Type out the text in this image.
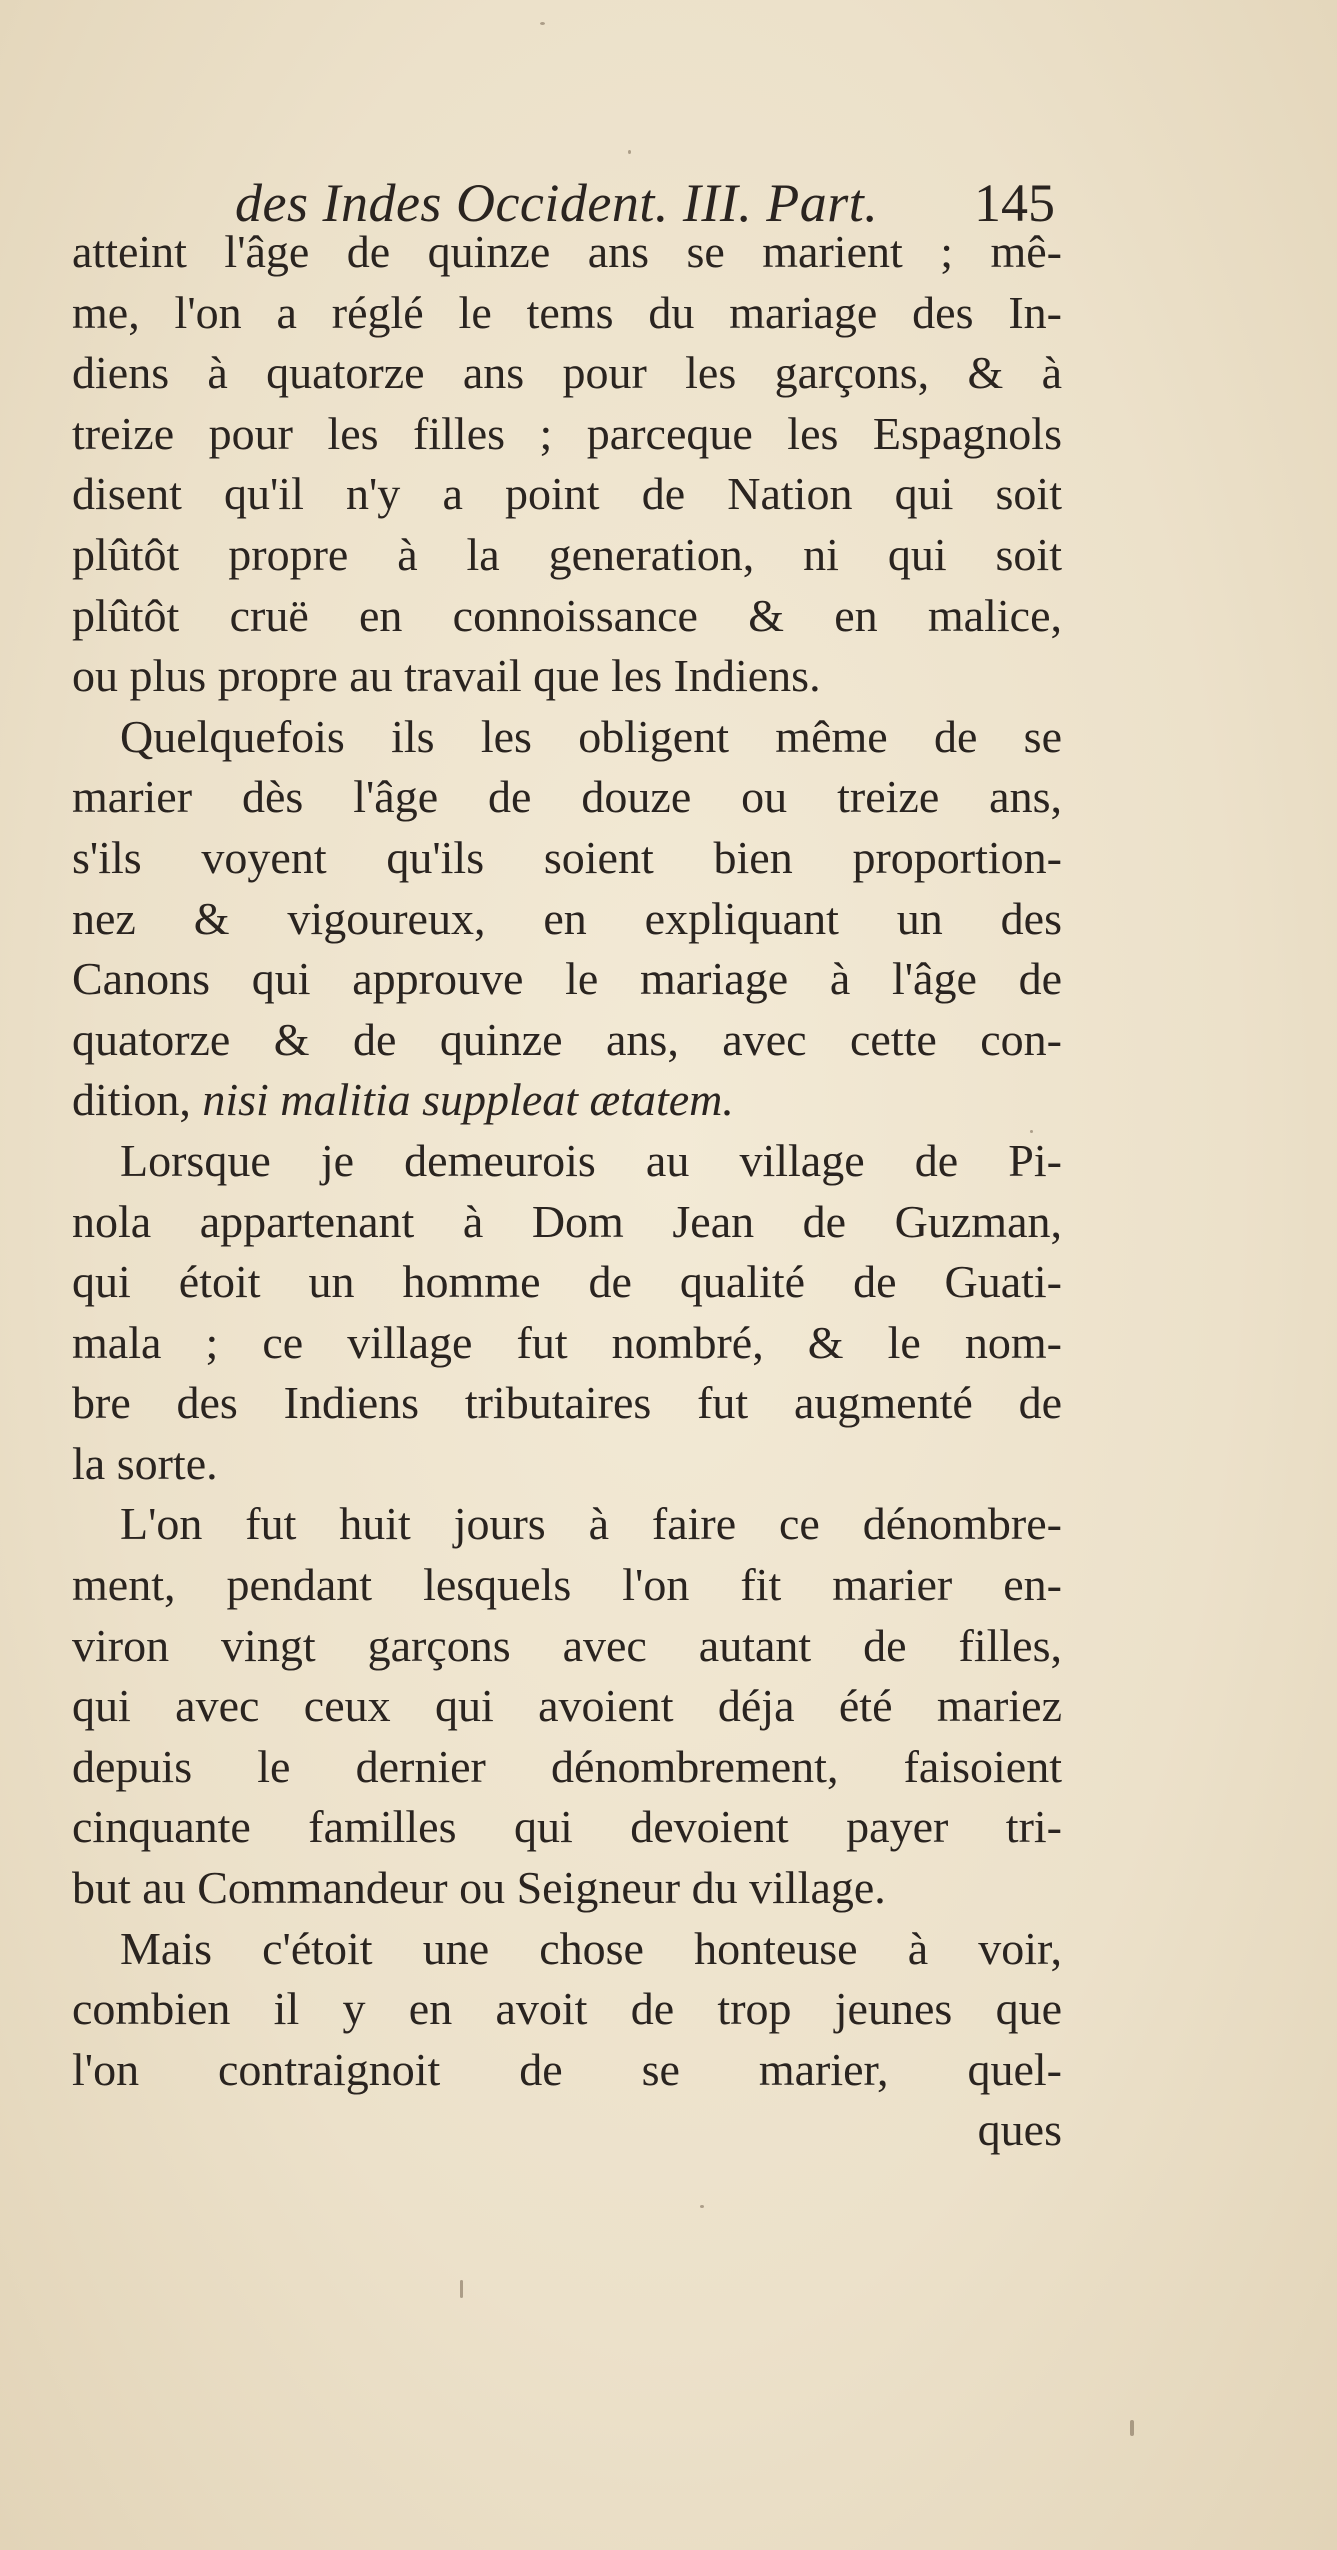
des Indes Occident. III. Part. 145
atteint l'âge de quinze ans se marient ; mê-
me, l'on a réglé le tems du mariage des In-
diens à quatorze ans pour les garçons, & à
treize pour les filles ; parceque les Espagnols
disent qu'il n'y a point de Nation qui soit
plûtôt propre à la generation, ni qui soit
plûtôt cruë en connoissance & en malice,
ou plus propre au travail que les Indiens.
Quelquefois ils les obligent même de se
marier dès l'âge de douze ou treize ans,
s'ils voyent qu'ils soient bien proportion-
nez & vigoureux, en expliquant un des
Canons qui approuve le mariage à l'âge de
quatorze & de quinze ans, avec cette con-
dition, nisi malitia suppleat ætatem.
Lorsque je demeurois au village de Pi-
nola appartenant à Dom Jean de Guzman,
qui étoit un homme de qualité de Guati-
mala ; ce village fut nombré, & le nom-
bre des Indiens tributaires fut augmenté de
la sorte.
L'on fut huit jours à faire ce dénombre-
ment, pendant lesquels l'on fit marier en-
viron vingt garçons avec autant de filles,
qui avec ceux qui avoient déja été mariez
depuis le dernier dénombrement, faisoient
cinquante familles qui devoient payer tri-
but au Commandeur ou Seigneur du village.
Mais c'étoit une chose honteuse à voir,
combien il y en avoit de trop jeunes que
l'on contraignoit de se marier, quel-
ques
